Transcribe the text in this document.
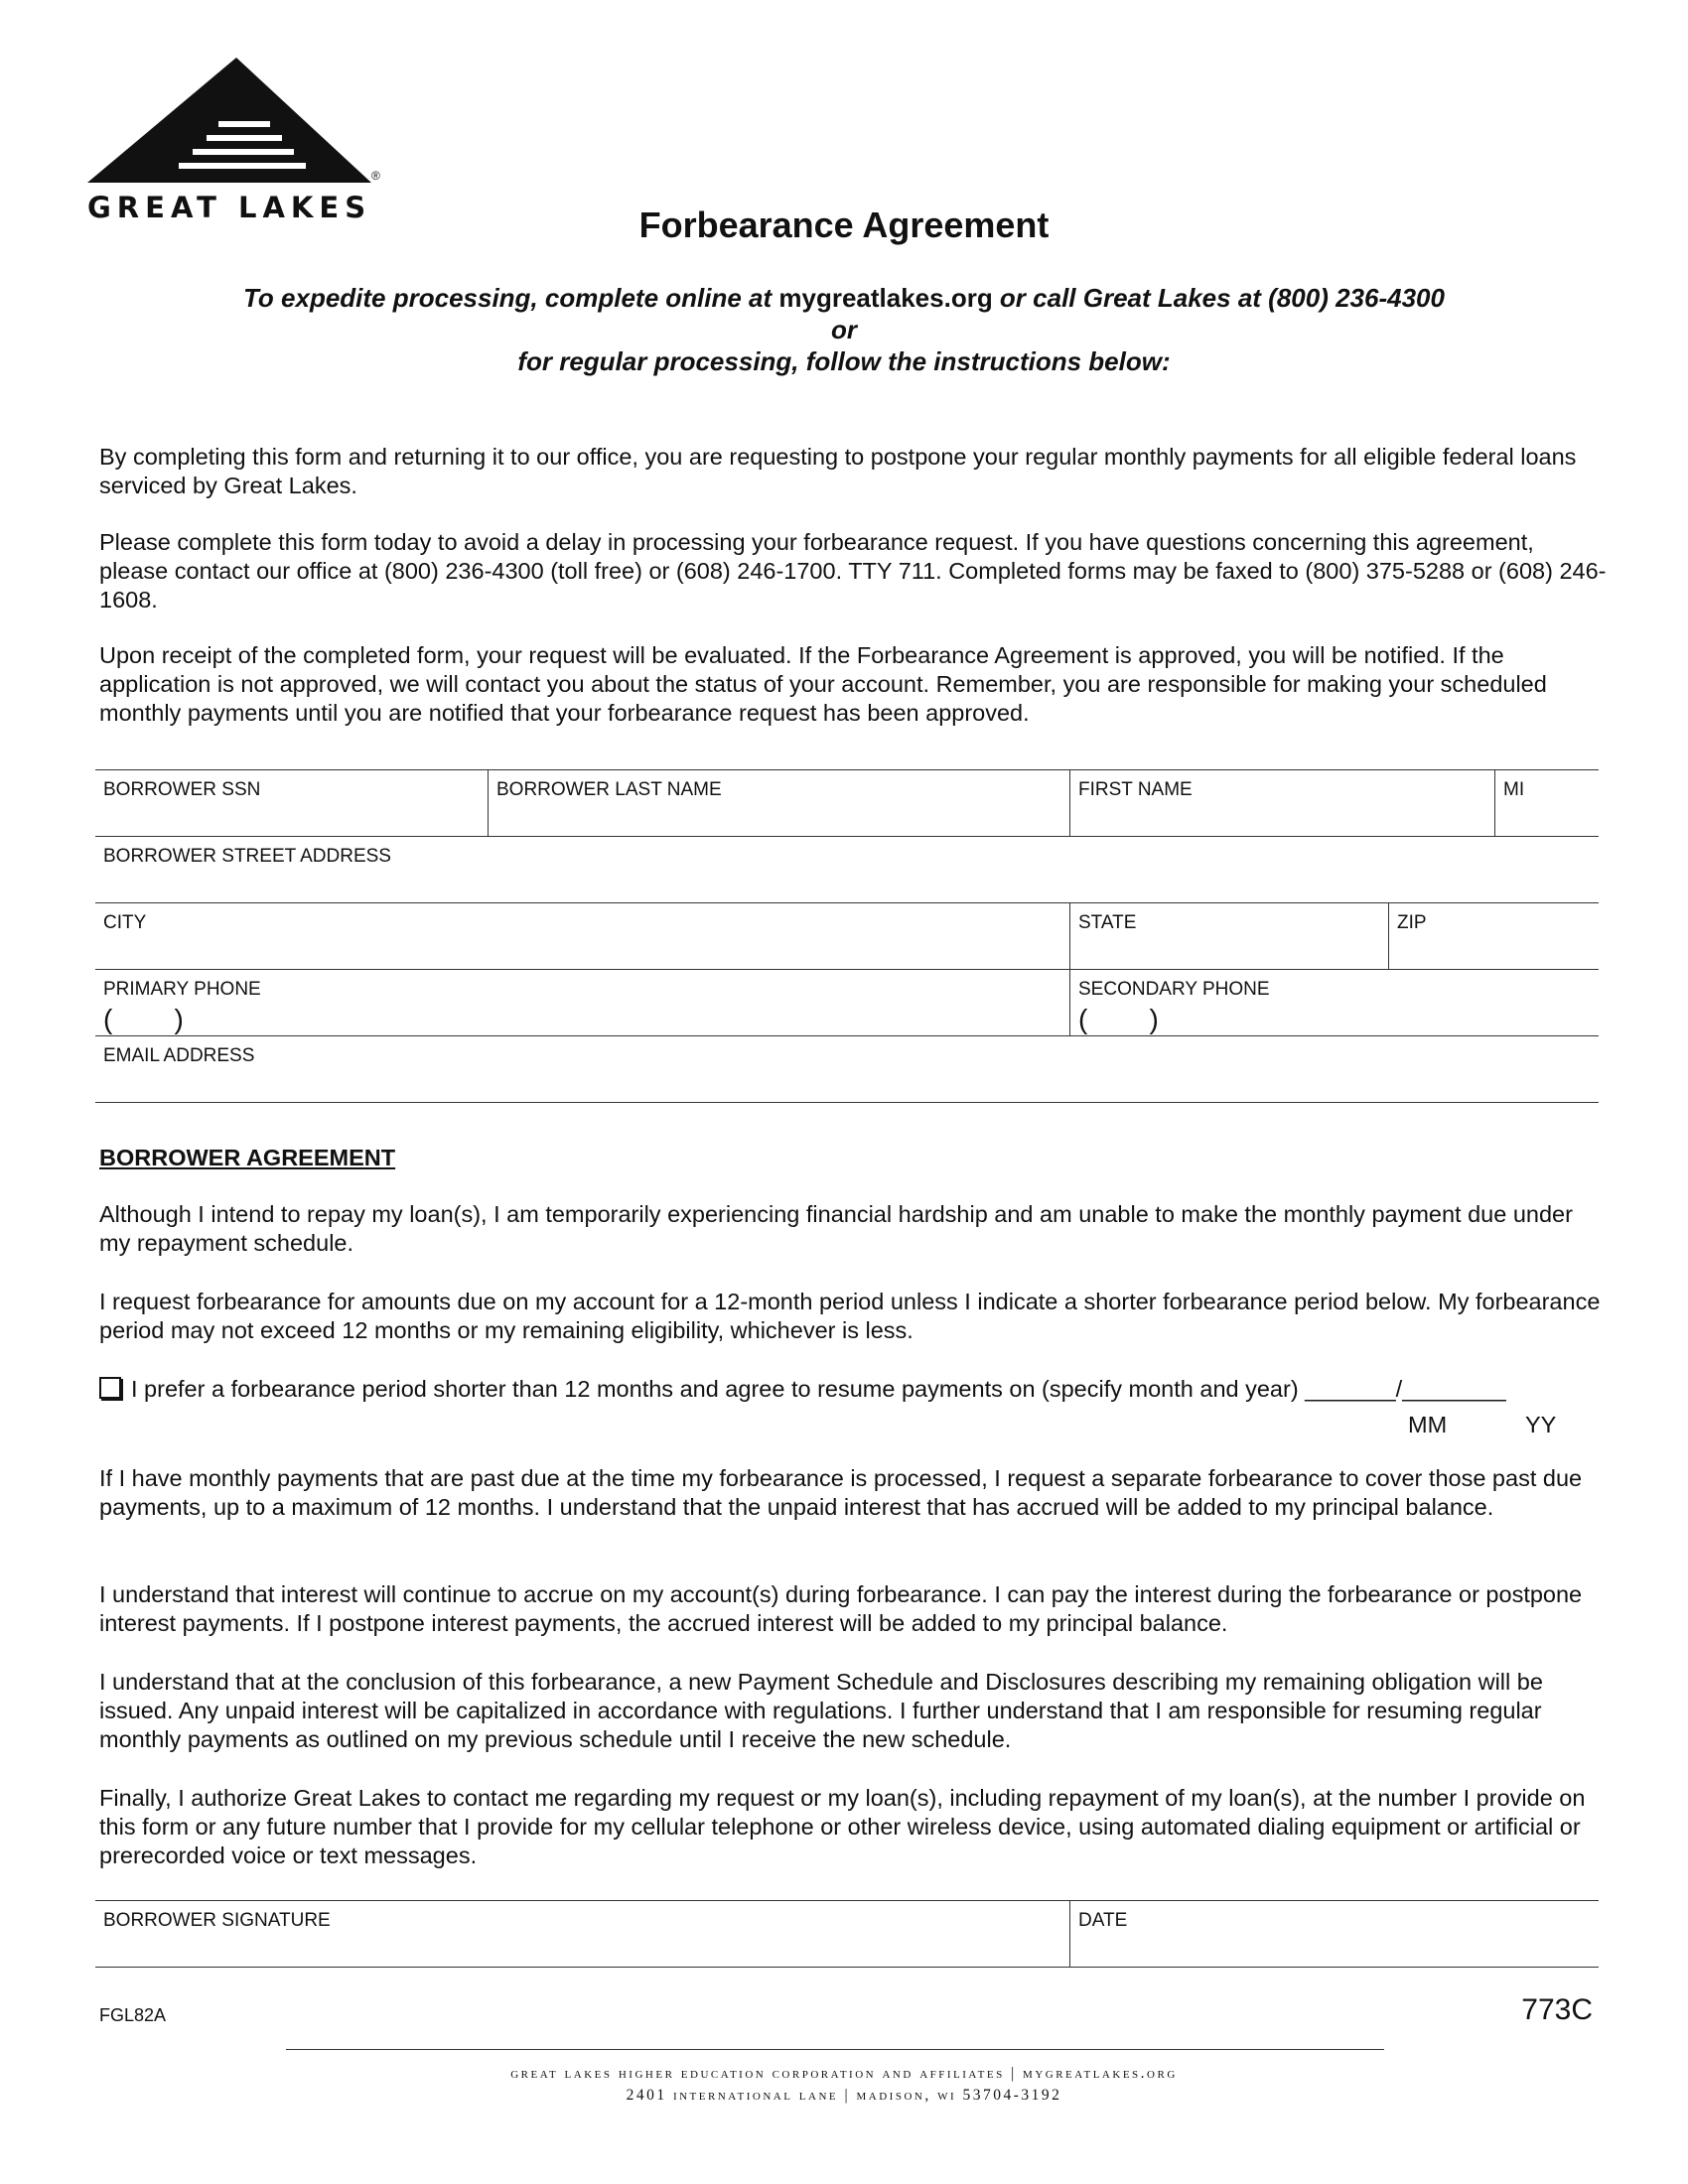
®
GREAT LAKES	Forbearance Agreement
To expedite processing, complete online at mygreatlakes.org or call Great Lakes at (800) 236-4300
or
for regular processing, follow the instructions below:
By completing this form and returning it to our office, you are requesting to postpone your regular monthly payments for all eligible federal loans serviced by Great Lakes.
Please complete this form today to avoid a delay in processing your forbearance request. If you have questions concerning this agreement, please contact our office at (800) 236-4300 (toll free) or (608) 246-1700. TTY 711. Completed forms may be faxed to (800) 375-5288 or (608) 246-1608.
Upon receipt of the completed form, your request will be evaluated. If the Forbearance Agreement is approved, you will be notified. If the application is not approved, we will contact you about the status of your account. Remember, you are responsible for making your scheduled monthly payments until you are notified that your forbearance request has been approved.
BORROWER SSN	BORROWER LAST NAME	FIRST NAME	MI
BORROWER STREET ADDRESS
CITY	STATE	ZIP
PRIMARY PHONE
(        )
SECONDARY PHONE
(        )
EMAIL ADDRESS
BORROWER AGREEMENT
Although I intend to repay my loan(s), I am temporarily experiencing financial hardship and am unable to make the monthly payment due under my repayment schedule.
I request forbearance for amounts due on my account for a 12-month period unless I indicate a shorter forbearance period below. My forbearance period may not exceed 12 months or my remaining eligibility, whichever is less.
I prefer a forbearance period shorter than 12 months and agree to resume payments on (specify month and year) _______/________
MM	YY
If I have monthly payments that are past due at the time my forbearance is processed, I request a separate forbearance to cover those past due payments, up to a maximum of 12 months. I understand that the unpaid interest that has accrued will be added to my principal balance.
I understand that interest will continue to accrue on my account(s) during forbearance. I can pay the interest during the forbearance or postpone interest payments. If I postpone interest payments, the accrued interest will be added to my principal balance.
I understand that at the conclusion of this forbearance, a new Payment Schedule and Disclosures describing my remaining obligation will be issued. Any unpaid interest will be capitalized in accordance with regulations. I further understand that I am responsible for resuming regular monthly payments as outlined on my previous schedule until I receive the new schedule.
Finally, I authorize Great Lakes to contact me regarding my request or my loan(s), including repayment of my loan(s), at the number I provide on this form or any future number that I provide for my cellular telephone or other wireless device, using automated dialing equipment or artificial or prerecorded voice or text messages.
BORROWER SIGNATURE	DATE
FGL82A	773C
great lakes higher education corporation and affiliates | mygreatlakes.org
2401 international lane | madison, wi 53704-3192
